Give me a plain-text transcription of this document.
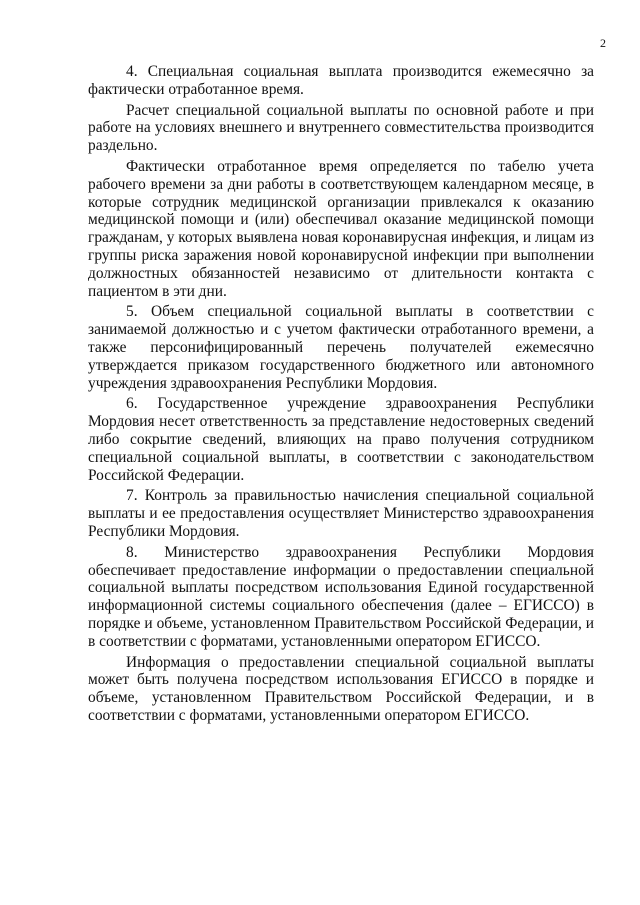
2

4. Специальная социальная выплата производится ежемесячно за фактически отработанное время.

Расчет специальной социальной выплаты по основной работе и при работе на условиях внешнего и внутреннего совместительства производится раздельно.

Фактически отработанное время определяется по табелю учета рабочего времени за дни работы в соответствующем календарном месяце, в которые сотрудник медицинской организации привлекался к оказанию медицинской помощи и (или) обеспечивал оказание медицинской помощи гражданам, у которых выявлена новая коронавирусная инфекция, и лицам из группы риска заражения новой коронавирусной инфекции при выполнении должностных обязанностей независимо от длительности контакта с пациентом в эти дни.

5. Объем специальной социальной выплаты в соответствии с занимаемой должностью и с учетом фактически отработанного времени, а также персонифицированный перечень получателей ежемесячно утверждается приказом государственного бюджетного или автономного учреждения здравоохранения Республики Мордовия.

6. Государственное учреждение здравоохранения Республики Мордовия несет ответственность за представление недостоверных сведений либо сокрытие сведений, влияющих на право получения сотрудником специальной социальной выплаты, в соответствии с законодательством Российской Федерации.

7. Контроль за правильностью начисления специальной социальной выплаты и ее предоставления осуществляет Министерство здравоохранения Республики Мордовия.

8. Министерство здравоохранения Республики Мордовия обеспечивает предоставление информации о предоставлении специальной социальной выплаты посредством использования Единой государственной информационной системы социального обеспечения (далее – ЕГИССО) в порядке и объеме, установленном Правительством Российской Федерации, и в соответствии с форматами, установленными оператором ЕГИССО.

Информация о предоставлении специальной социальной выплаты может быть получена посредством использования ЕГИССО в порядке и объеме, установленном Правительством Российской Федерации, и в соответствии с форматами, установленными оператором ЕГИССО.
